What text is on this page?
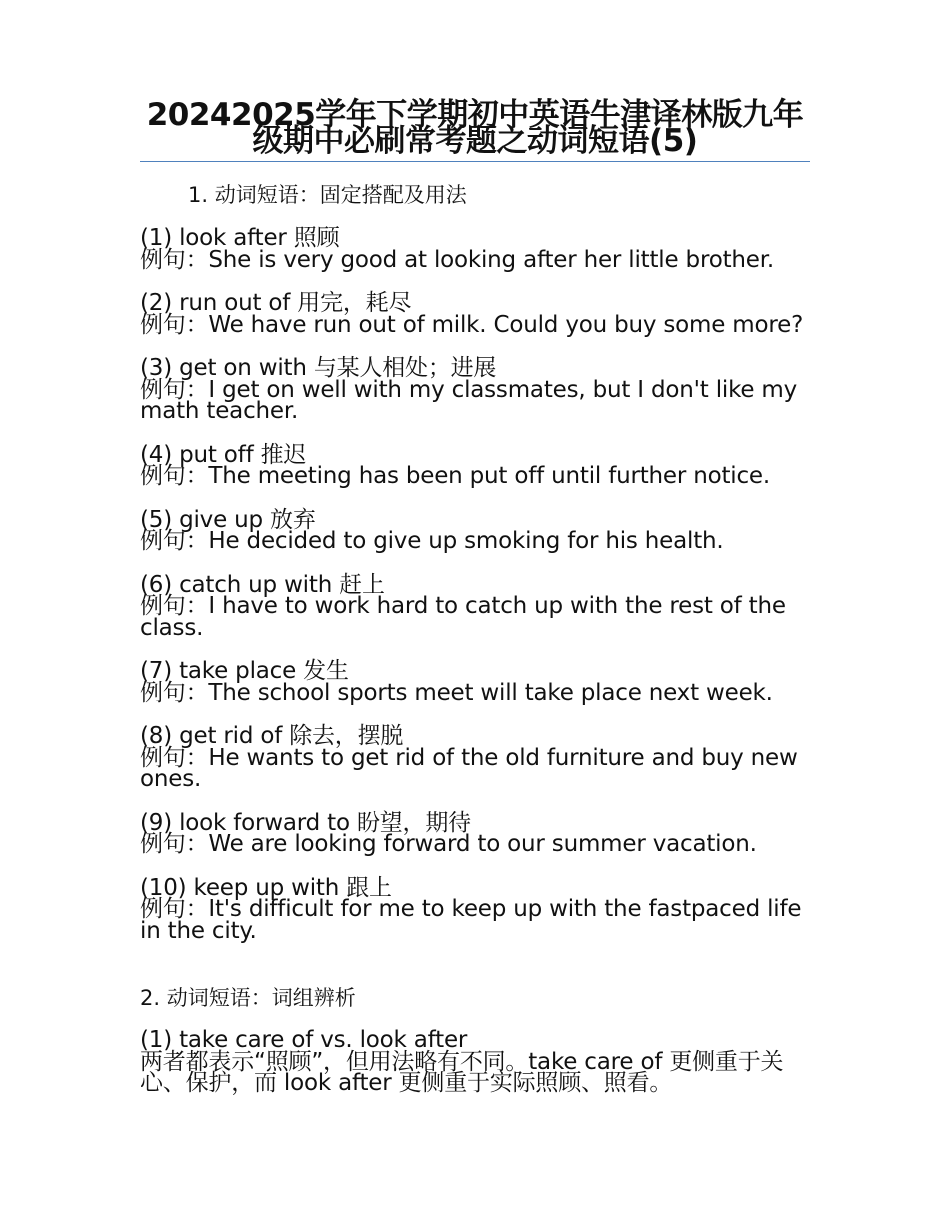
20242025学年下学期初中英语牛津译林版九年级期中必刷常考题之动词短语(5)
1. 动词短语：固定搭配及用法
(1) look after 照顾
例句：She is very good at looking after her little brother.
(2) run out of 用完，耗尽
例句：We have run out of milk. Could you buy some more?
(3) get on with 与某人相处；进展
例句：I get on well with my classmates, but I don't like my math teacher.
(4) put off 推迟
例句：The meeting has been put off until further notice.
(5) give up 放弃
例句：He decided to give up smoking for his health.
(6) catch up with 赶上
例句：I have to work hard to catch up with the rest of the class.
(7) take place 发生
例句：The school sports meet will take place next week.
(8) get rid of 除去，摆脱
例句：He wants to get rid of the old furniture and buy new ones.
(9) look forward to 盼望，期待
例句：We are looking forward to our summer vacation.
(10) keep up with 跟上
例句：It's difficult for me to keep up with the fastpaced life in the city.
2. 动词短语：词组辨析
(1) take care of vs. look after
两者都表示“照顾”，但用法略有不同。take care of 更侧重于关心、保护，而 look after 更侧重于实际照顾、照看。
